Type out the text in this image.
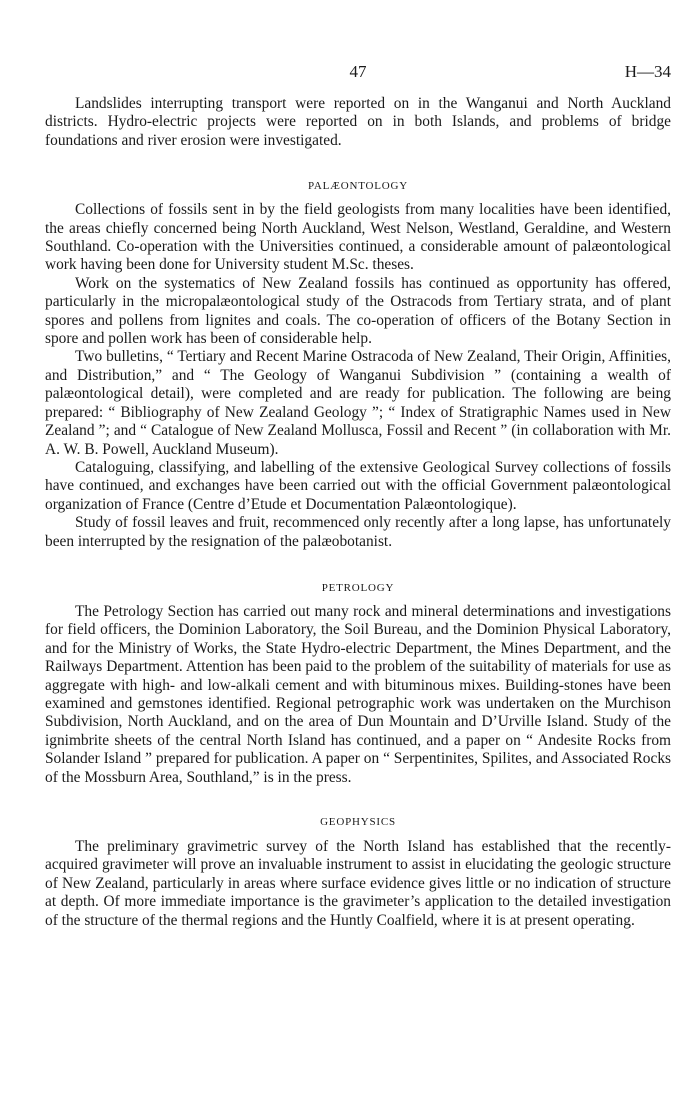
47	H—34

Landslides interrupting transport were reported on in the Wanganui and North Auckland districts. Hydro-electric projects were reported on in both Islands, and problems of bridge foundations and river erosion were investigated.

PALÆONTOLOGY

Collections of fossils sent in by the field geologists from many localities have been identified, the areas chiefly concerned being North Auckland, West Nelson, Westland, Geraldine, and Western Southland. Co-operation with the Universities continued, a considerable amount of palæontological work having been done for University student M.Sc. theses.

Work on the systematics of New Zealand fossils has continued as opportunity has offered, particularly in the micropalæontological study of the Ostracods from Tertiary strata, and of plant spores and pollens from lignites and coals. The co-operation of officers of the Botany Section in spore and pollen work has been of considerable help.

Two bulletins, “ Tertiary and Recent Marine Ostracoda of New Zealand, Their Origin, Affinities, and Distribution,” and “ The Geology of Wanganui Subdivision ” (containing a wealth of palæontological detail), were completed and are ready for publication. The following are being prepared: “ Bibliography of New Zealand Geology ”; “ Index of Stratigraphic Names used in New Zealand ”; and “ Catalogue of New Zealand Mollusca, Fossil and Recent ” (in collaboration with Mr. A. W. B. Powell, Auckland Museum).

Cataloguing, classifying, and labelling of the extensive Geological Survey collections of fossils have continued, and exchanges have been carried out with the official Government palæontological organization of France (Centre d’Etude et Documentation Palæontologique).

Study of fossil leaves and fruit, recommenced only recently after a long lapse, has unfortunately been interrupted by the resignation of the palæobotanist.

PETROLOGY

The Petrology Section has carried out many rock and mineral determinations and investigations for field officers, the Dominion Laboratory, the Soil Bureau, and the Dominion Physical Laboratory, and for the Ministry of Works, the State Hydro-electric Department, the Mines Department, and the Railways Department. Attention has been paid to the problem of the suitability of materials for use as aggregate with high- and low-alkali cement and with bituminous mixes. Building-stones have been examined and gemstones identified. Regional petrographic work was undertaken on the Murchison Subdivision, North Auckland, and on the area of Dun Mountain and D’Urville Island. Study of the ignimbrite sheets of the central North Island has continued, and a paper on “ Andesite Rocks from Solander Island ” prepared for publication. A paper on “ Serpentinites, Spilites, and Associated Rocks of the Mossburn Area, Southland,” is in the press.

GEOPHYSICS

The preliminary gravimetric survey of the North Island has established that the recently-acquired gravimeter will prove an invaluable instrument to assist in elucidating the geologic structure of New Zealand, particularly in areas where surface evidence gives little or no indication of structure at depth. Of more immediate importance is the gravimeter’s application to the detailed investigation of the structure of the thermal regions and the Huntly Coalfield, where it is at present operating.
